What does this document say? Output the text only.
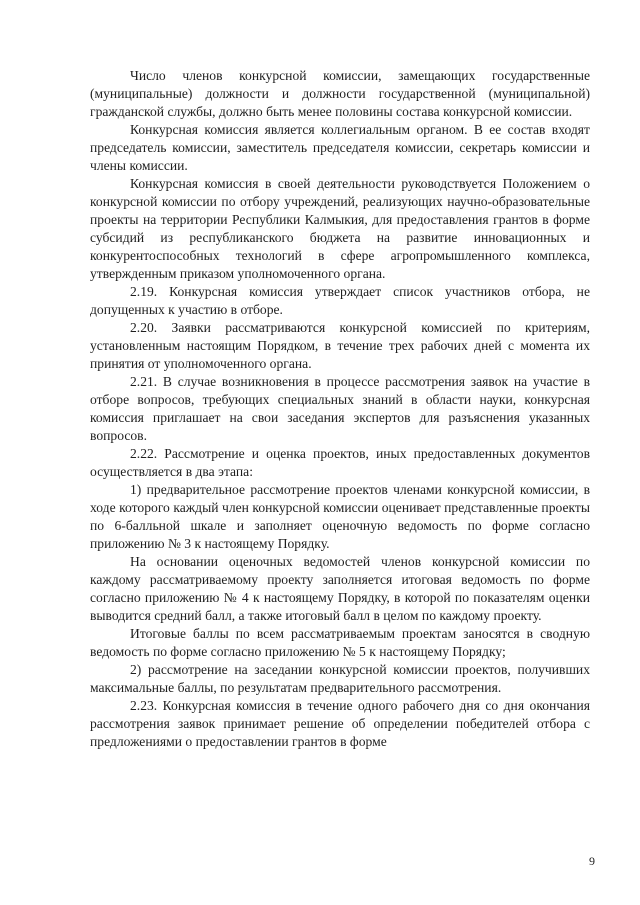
Число членов конкурсной комиссии, замещающих государственные (муниципальные) должности и должности государственной (муниципальной) гражданской службы, должно быть менее половины состава конкурсной комиссии.

Конкурсная комиссия является коллегиальным органом. В ее состав входят председатель комиссии, заместитель председателя комиссии, секретарь комиссии и члены комиссии.

Конкурсная комиссия в своей деятельности руководствуется Положением о конкурсной комиссии по отбору учреждений, реализующих научно-образовательные проекты на территории Республики Калмыкия, для предоставления грантов в форме субсидий из республиканского бюджета на развитие инновационных и конкурентоспособных технологий в сфере агропромышленного комплекса, утвержденным приказом уполномоченного органа.

2.19. Конкурсная комиссия утверждает список участников отбора, не допущенных к участию в отборе.

2.20. Заявки рассматриваются конкурсной комиссией по критериям, установленным настоящим Порядком, в течение трех рабочих дней с момента их принятия от уполномоченного органа.

2.21. В случае возникновения в процессе рассмотрения заявок на участие в отборе вопросов, требующих специальных знаний в области науки, конкурсная комиссия приглашает на свои заседания экспертов для разъяснения указанных вопросов.

2.22. Рассмотрение и оценка проектов, иных предоставленных документов осуществляется в два этапа:

1) предварительное рассмотрение проектов членами конкурсной комиссии, в ходе которого каждый член конкурсной комиссии оценивает представленные проекты по 6-балльной шкале и заполняет оценочную ведомость по форме согласно приложению № 3 к настоящему Порядку.

На основании оценочных ведомостей членов конкурсной комиссии по каждому рассматриваемому проекту заполняется итоговая ведомость по форме согласно приложению № 4 к настоящему Порядку, в которой по показателям оценки выводится средний балл, а также итоговый балл в целом по каждому проекту.

Итоговые баллы по всем рассматриваемым проектам заносятся в сводную ведомость по форме согласно приложению № 5 к настоящему Порядку;

2) рассмотрение на заседании конкурсной комиссии проектов, получивших максимальные баллы, по результатам предварительного рассмотрения.

2.23. Конкурсная комиссия в течение одного рабочего дня со дня окончания рассмотрения заявок принимает решение об определении победителей отбора с предложениями о предоставлении грантов в форме

9
